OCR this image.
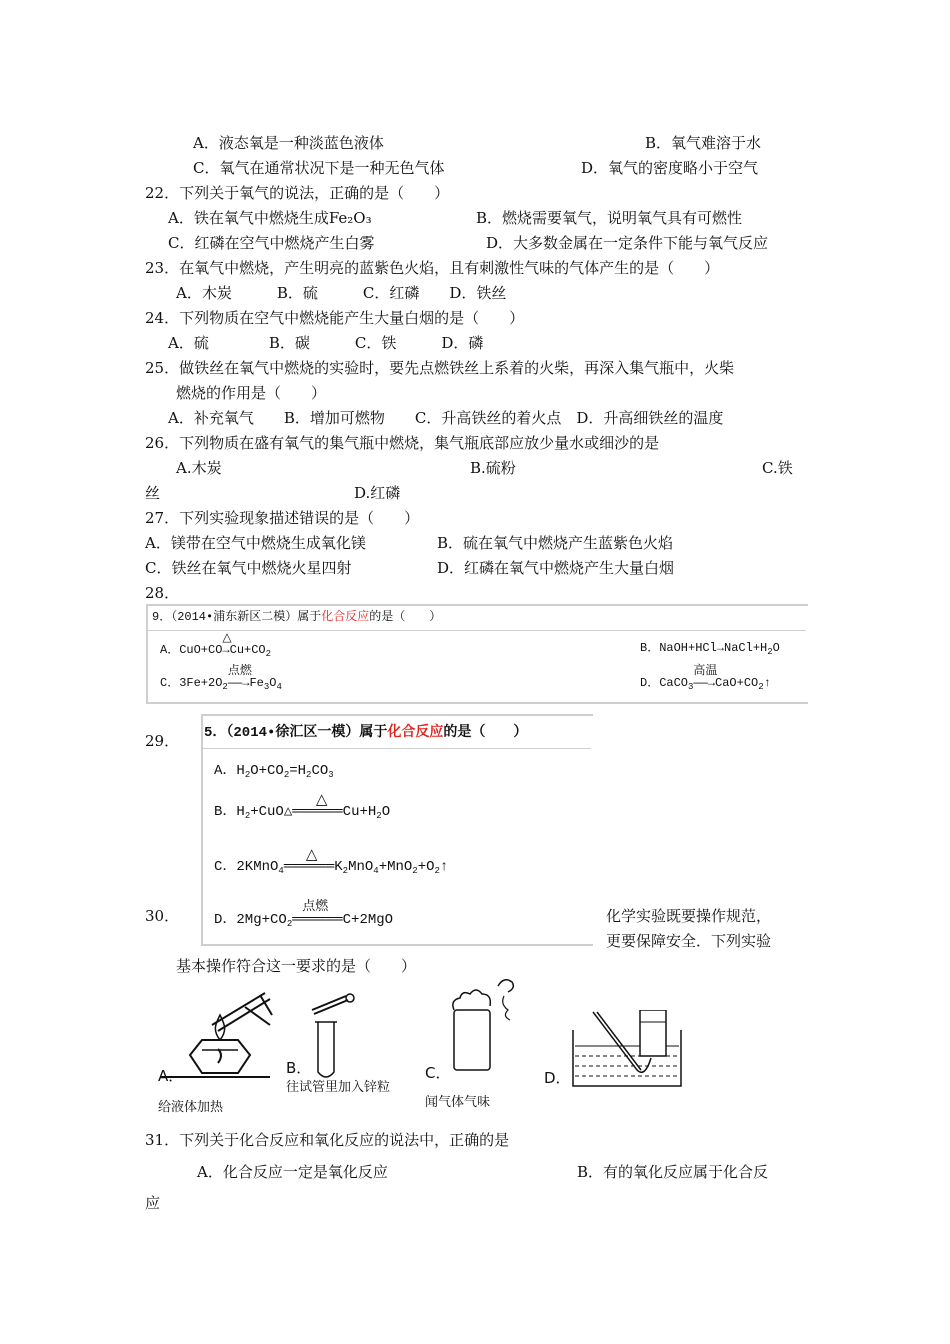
A．液态氧是一种淡蓝色液体	B．氧气难溶于水
C．氧气在通常状况下是一种无色气体	D．氧气的密度略小于空气
22．下列关于氧气的说法，正确的是（　　）
A．铁在氧气中燃烧生成Fe₂O₃	B．燃烧需要氧气，说明氧气具有可燃性
C．红磷在空气中燃烧产生白雾	D．大多数金属在一定条件下能与氧气反应
23．在氧气中燃烧，产生明亮的蓝紫色火焰，且有刺激性气味的气体产生的是（　　）
A．木炭　　　B．硫　　　C．红磷　　D．铁丝
24．下列物质在空气中燃烧能产生大量白烟的是（　　）
A．硫　　　　B．碳　　　C．铁　　　D．磷
25．做铁丝在氧气中燃烧的实验时，要先点燃铁丝上系着的火柴，再深入集气瓶中，火柴
燃烧的作用是（　　）
A．补充氧气　　B．增加可燃物　　C．升高铁丝的着火点　D．升高细铁丝的温度
26．下列物质在盛有氧气的集气瓶中燃烧，集气瓶底部应放少量水或细沙的是
A.木炭	B.硫粉	C.铁
丝	D.红磷
27．下列实验现象描述错误的是（　　）
A．镁带在空气中燃烧生成氧化镁	B．硫在氧气中燃烧产生蓝紫色火焰
C．铁丝在氧气中燃烧火星四射	D．红磷在氧气中燃烧产生大量白烟
28．
9．（2014•浦东新区二模）属于化合反应的是（　　）
A．CuO+CO
△
$\to Cu+CO_2$	B．$NaOH+HCl\to NaCl+H_2O$
C．$3Fe+2O_2$
点燃
$——\to Fe_3O_4$	D．CaCO$_3$
高温
$——\to CaO+CO_2↑$
29． 5．（2014•徐汇区一模）属于化合反应的是（　　）
A．$H_2O+CO_2=H_2CO_3$
B．$H_2+CuO$
△
$\triangle══════Cu+H_2O$
C．2KMnO$_4$
△
$══════K_2MnO_4+MnO_2+O_2↑$
D．$2Mg+CO_2$
点燃
══════C+2MgO
30．	化学实验既要操作规范，
更要保障安全．下列实验
基本操作符合这一要求的是（　　）
A．
给液体加热
B．
往试管里加入锌粒
C．
闻气体气味
D．
31．下列关于化合反应和氧化反应的说法中，正确的是
A．化合反应一定是氧化反应	B．有的氧化反应属于化合反
应
